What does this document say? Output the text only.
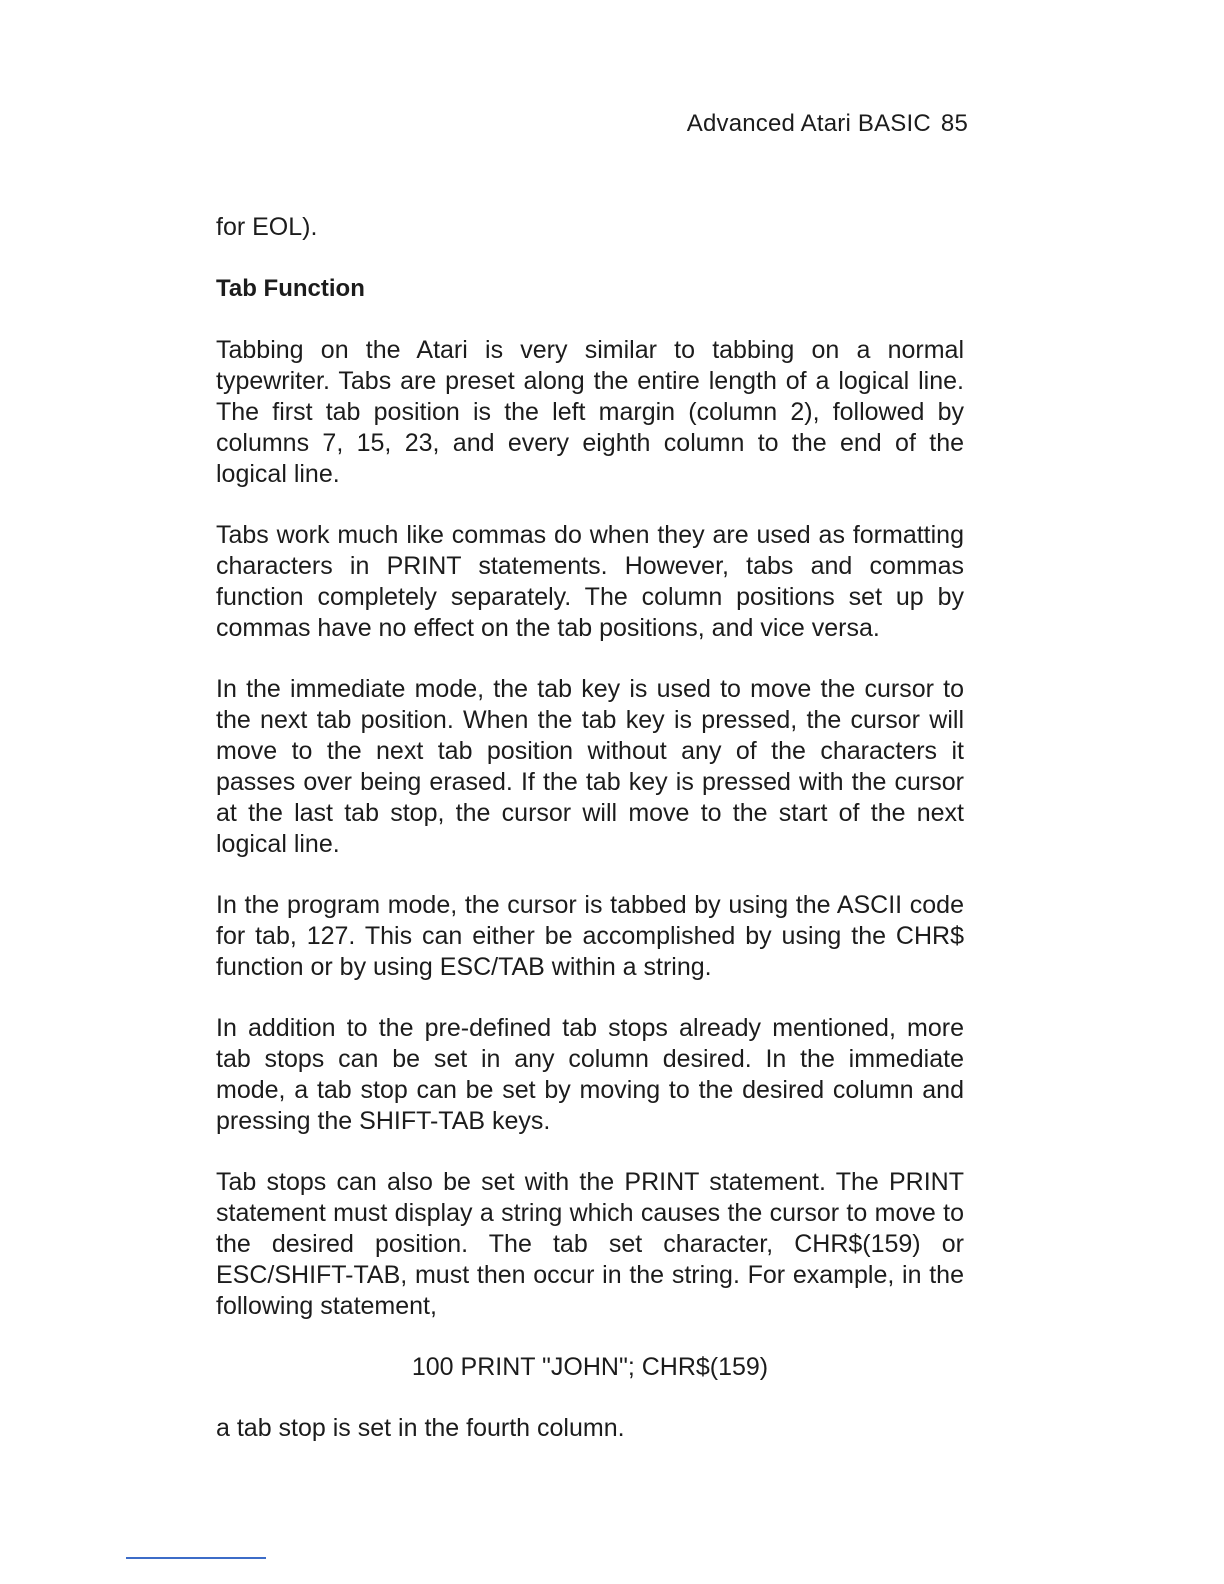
Advanced Atari BASIC 85

for EOL).

Tab Function

Tabbing on the Atari is very similar to tabbing on a normal typewriter. Tabs are preset along the entire length of a logical line. The first tab position is the left margin (column 2), followed by columns 7, 15, 23, and every eighth column to the end of the logical line.

Tabs work much like commas do when they are used as formatting characters in PRINT statements. However, tabs and commas function completely separately. The column positions set up by commas have no effect on the tab positions, and vice versa.

In the immediate mode, the tab key is used to move the cursor to the next tab position. When the tab key is pressed, the cursor will move to the next tab position without any of the characters it passes over being erased. If the tab key is pressed with the cursor at the last tab stop, the cursor will move to the start of the next logical line.

In the program mode, the cursor is tabbed by using the ASCII code for tab, 127. This can either be accomplished by using the CHR$ function or by using ESC/TAB within a string.

In addition to the pre-defined tab stops already mentioned, more tab stops can be set in any column desired. In the immediate mode, a tab stop can be set by moving to the desired column and pressing the SHIFT-TAB keys.

Tab stops can also be set with the PRINT statement. The PRINT statement must display a string which causes the cursor to move to the desired position. The tab set character, CHR$(159) or ESC/SHIFT-TAB, must then occur in the string. For example, in the following statement,

100 PRINT "JOHN"; CHR$(159)

a tab stop is set in the fourth column.
